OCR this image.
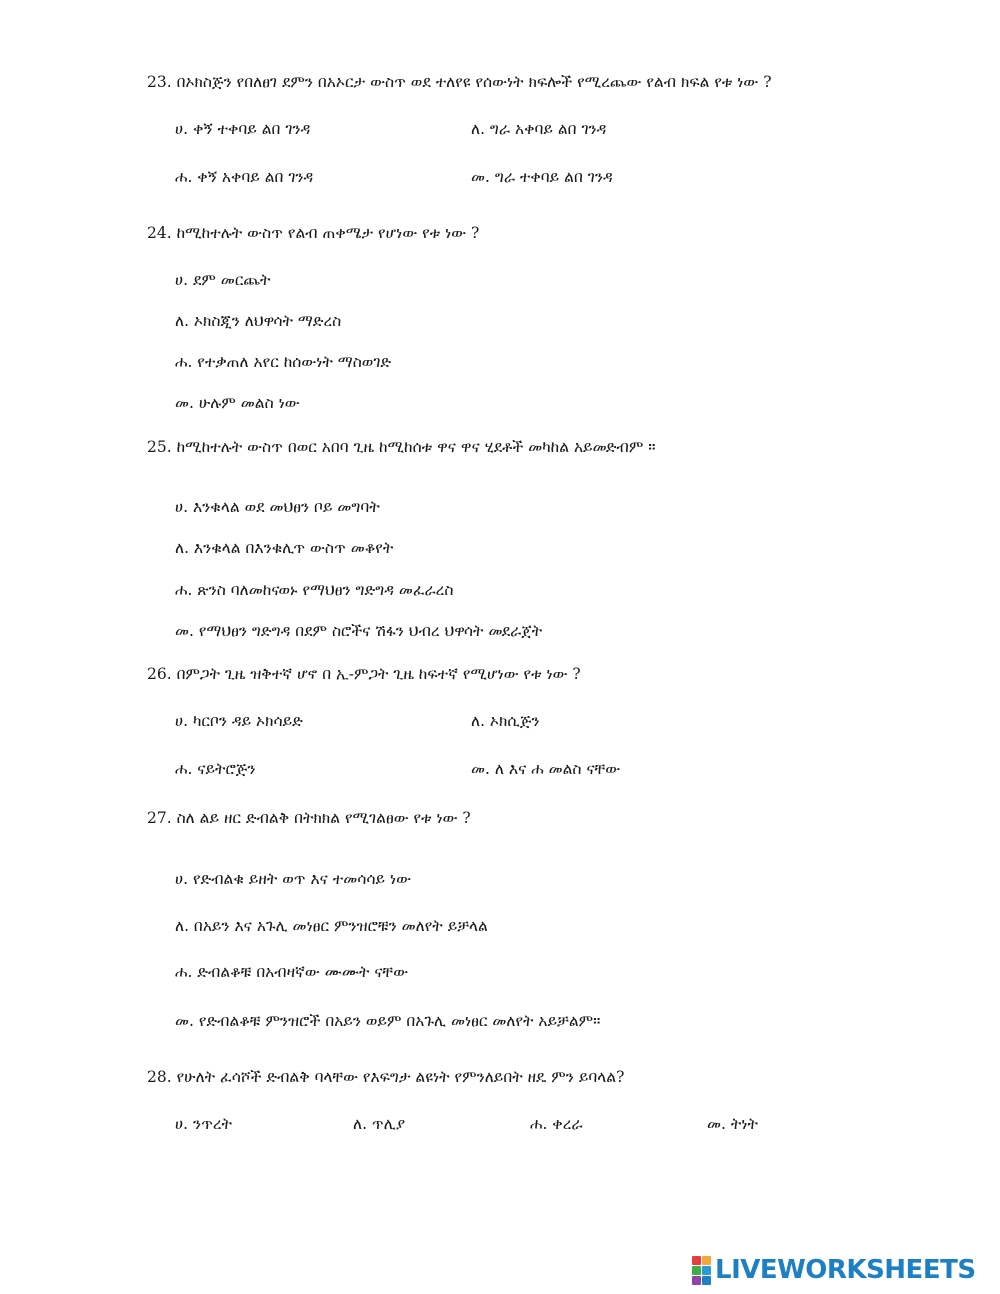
23. በኦክስጅን የበለፀገ ደምን በአኦርታ ውስጥ ወደ ተለየዩ የሰውነት ክፍሎች የሚረጨው የልብ ክፍል የቱ ነው ?
ሀ. ቀኝ ተቀባይ ልበ ገንዳ	ለ. ግራ አቀባይ ልበ ገንዳ
ሐ. ቀኝ አቀባይ ልበ ገንዳ	መ. ግራ ተቀባይ ልበ ገንዳ
24. ከሚከተሉት ውስጥ የልብ ጠቀሜታ የሆነው የቱ ነው ?
ሀ. ደም መርጨት
ለ. ኦክስጂን ለህዋሳት ማድረስ
ሐ. የተቃጠለ አየር ከሰውነት ማስወገድ
መ. ሁሉም መልስ ነው
25. ከሚከተሉት ውስጥ በወር አበባ ጊዜ ከሚከሰቱ ዋና ዋና ሂደቶች መካከል አይመድብም ።
ሀ. እንቁላል ወደ መህፀን ቦይ መግባት
ለ. እንቁላል በእንቁሊጥ ውስጥ መቆየት
ሐ. ጽንስ ባለመከናወኑ የማህፀን ግድግዳ መፈራረስ
መ. የማህፀን ግድግዳ በደም ስሮችና ሽፋን ህብረ ህዋሳት መደራጀት
26. በምጋት ጊዜ ዝቅተኛ ሆኖ በ ኢ-ምጋት ጊዜ ከፍተኛ የሚሆነው የቱ ነው ?
ሀ. ካርቦን ዳይ ኦክሳይድ	ለ. ኦክሲጅን
ሐ. ናይትሮጅን	መ. ለ እና ሐ መልስ ናቸው
27. ስለ ልይ ዘር ድብልቅ በትክክል የሚገልፀው የቱ ነው ?
ሀ. የድብልቁ ይዘት ወጥ እና ተመሳሳይ ነው
ለ. በአይን እና አጉሊ መነፀር ምንዝሮቹን መለየት ይቻላል
ሐ. ድብልቆቹ በአብዛኛው ሙሙት ናቸው
መ. የድብልቆቹ ምንዝሮች በአይን ወይም በአጉሊ መነፀር መለየት አይቻልም።
28. የሁለት ፈሳሾች ድብልቅ ባላቸው የእፍግታ ልዩነት የምንለይበት ዘዴ ምን ይባላል?
ሀ. ንጥረት	ለ. ጥሊያ	ሐ. ቀረራ	መ. ትነት
LIVEWORKSHEETS
